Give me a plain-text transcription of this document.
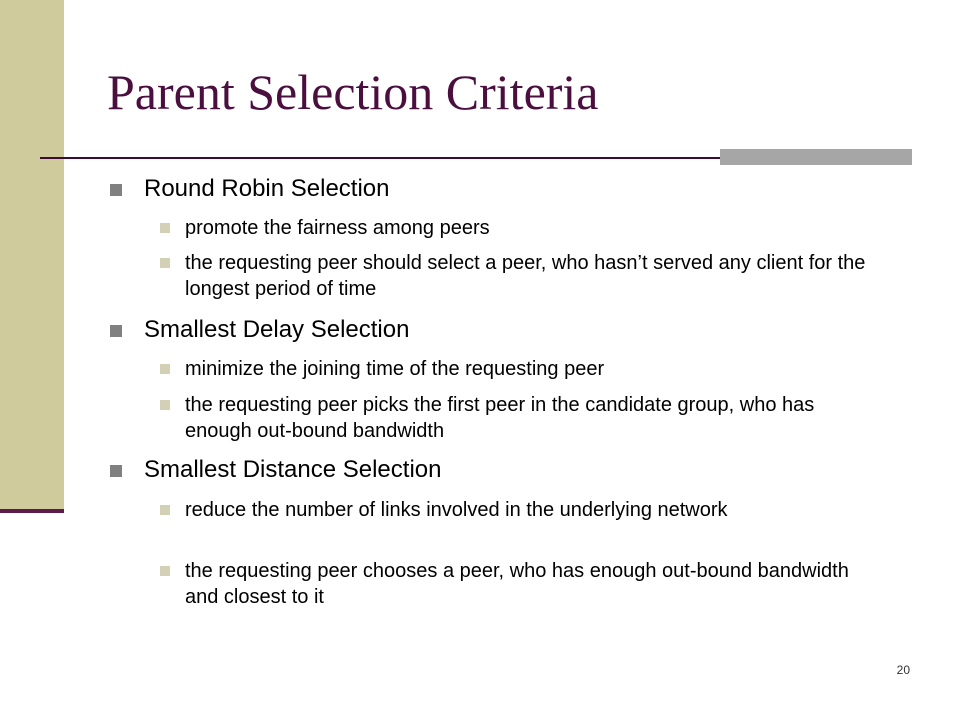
Parent Selection Criteria
Round Robin Selection
promote the fairness among peers
the requesting peer should select a peer, who hasn’t served any client for the longest period of time
Smallest Delay Selection
minimize the joining time of the requesting peer
the requesting peer picks the first peer in the candidate group, who has enough out-bound bandwidth
Smallest Distance Selection
reduce the number of links involved in the underlying network
the requesting peer chooses a peer, who has enough out-bound bandwidth and closest to it
20
